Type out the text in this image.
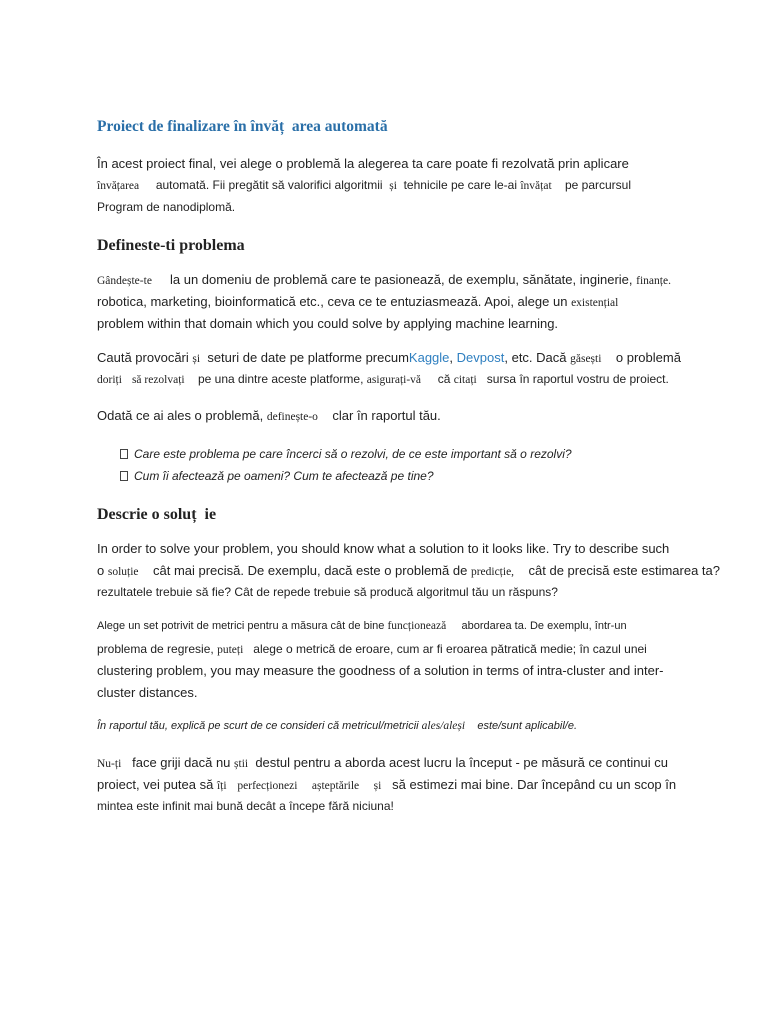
Proiect de finalizare în învăț area automată
În acest proiect final, vei alege o problemă la alegerea ta care poate fi rezolvată prin aplicare
învățarea automată. Fii pregătit să valorifici algoritmii și tehnicile pe care le-ai învățat pe parcursul
Program de nanodiplomă.
Defineste-ti problema
Gândește-te la un domeniu de problemă care te pasionează, de exemplu, sănătate, inginerie, finanțe.
robotica, marketing, bioinformatică etc., ceva ce te entuziasmează. Apoi, alege un existențial
problem within that domain which you could solve by applying machine learning.
Caută provocări și seturi de date pe platforme precumKaggle, Devpost, etc. Dacă găsești o problemă
doriți să rezolvați pe una dintre aceste platforme, asigurați-vă că citați sursa în raportul vostru de proiect.
Odată ce ai ales o problemă, definește-o clar în raportul tău.
Care este problema pe care încerci să o rezolvi, de ce este important să o rezolvi?
Cum îi afectează pe oameni? Cum te afectează pe tine?
Descrie o soluț ie
In order to solve your problem, you should know what a solution to it looks like. Try to describe such
o soluție cât mai precisă. De exemplu, dacă este o problemă de predicție, cât de precisă este estimarea ta?
rezultatele trebuie să fie? Cât de repede trebuie să producă algoritmul tău un răspuns?
Alege un set potrivit de metrici pentru a măsura cât de bine funcționează abordarea ta. De exemplu, într-un
problema de regresie, puteți alege o metrică de eroare, cum ar fi eroarea pătratică medie; în cazul unei
clustering problem, you may measure the goodness of a solution in terms of intra-cluster and inter-
cluster distances.
În raportul tău, explică pe scurt de ce consideri că metricul/metricii ales/aleși este/sunt aplicabil/e.
Nu-ți face griji dacă nu știi destul pentru a aborda acest lucru la început - pe măsură ce continui cu
proiect, vei putea să îți perfecționezi așteptările și să estimezi mai bine. Dar începând cu un scop în
mintea este infinit mai bună decât a începe fără niciuna!
